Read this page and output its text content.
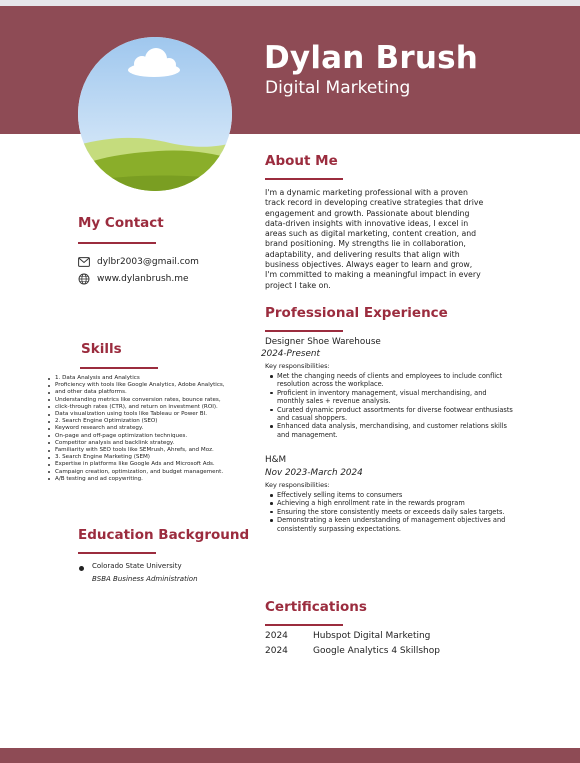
Dylan Brush
Digital Marketing
My Contact
dylbr2003@gmail.com
www.dylanbrush.me
Skills
1. Data Analysis and Analytics
Proficiency with tools like Google Analytics, Adobe Analytics,
and other data platforms.
Understanding metrics like conversion rates, bounce rates,
click-through rates (CTR), and return on investment (ROI).
Data visualization using tools like Tableau or Power BI.
2. Search Engine Optimization (SEO)
Keyword research and strategy.
On-page and off-page optimization techniques.
Competitor analysis and backlink strategy.
Familiarity with SEO tools like SEMrush, Ahrefs, and Moz.
3. Search Engine Marketing (SEM)
Expertise in platforms like Google Ads and Microsoft Ads.
Campaign creation, optimization, and budget management.
A/B testing and ad copywriting.
Education Background
Colorado State University
BSBA Business Administration
About Me
I'm a dynamic marketing professional with a proven track record in developing creative strategies that drive engagement and growth. Passionate about blending data-driven insights with innovative ideas, I excel in areas such as digital marketing, content creation, and brand positioning. My strengths lie in collaboration, adaptability, and delivering results that align with business objectives. Always eager to learn and grow, I'm committed to making a meaningful impact in every project I take on.
Professional Experience
Designer Shoe Warehouse
2024-Present
Key responsibilities:
Met the changing needs of clients and employees to include conflict resolution across the workplace.
Proficient in inventory management, visual merchandising, and monthly sales + revenue analysis.
Curated dynamic product assortments for diverse footwear enthusiasts and casual shoppers.
Enhanced data analysis, merchandising, and customer relations skills and management.
H&M
Nov 2023-March 2024
Key responsibilities:
Effectively selling items to consumers
Achieving a high enrollment rate in the rewards program
Ensuring the store consistently meets or exceeds daily sales targets.
Demonstrating a keen understanding of management objectives and consistently surpassing expectations.
Certifications
2024	Hubspot Digital Marketing
2024	Google Analytics 4 Skillshop
